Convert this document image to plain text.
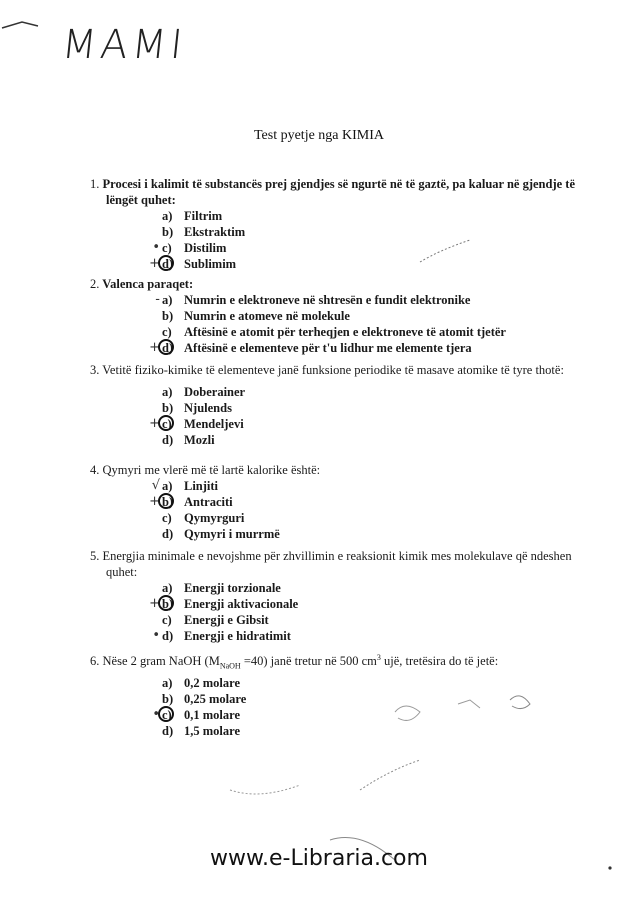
MAMI
Test pyetje nga KIMIA
1. Procesi i kalimit të substancës prej gjendjes së ngurtë në të gaztë, pa kaluar në gjendje të lëngët quhet:
a) Filtrim
b) Ekstraktim
• c) Distilim
+ d) Sublimim
2. Valenca paraqet:
- a) Numrin e elektroneve në shtresën e fundit elektronike
b) Numrin e atomeve në molekule
c) Aftësinë e atomit për terheqjen e elektroneve të atomit tjetër
+ d) Aftësinë e elementeve për t'u lidhur me elemente tjera
3. Vetitë fiziko-kimike të elementeve janë funksione periodike të masave atomike të tyre thotë:
a) Doberainer
b) Njulends
+ c) Mendeljevi
d) Mozli
4. Qymyri me vlerë më të lartë kalorike është:
√ a) Linjiti
+ b) Antraciti
c) Qymyrguri
d) Qymyri i murrmë
5. Energjia minimale e nevojshme për zhvillimin e reaksionit kimik mes molekulave që ndeshen quhet:
a) Energji torzionale
+ b) Energji aktivacionale
c) Energji e Gibsit
• d) Energji e hidratimit
6. Nëse 2 gram NaOH $(M_{NaOH} =40)$ janë tretur në 500 $cm^3$ ujë, tretësira do të jetë:
a) 0,2 molare
b) 0,25 molare
• c) 0,1 molare
d) 1,5 molare
www.e-Libraria.com
